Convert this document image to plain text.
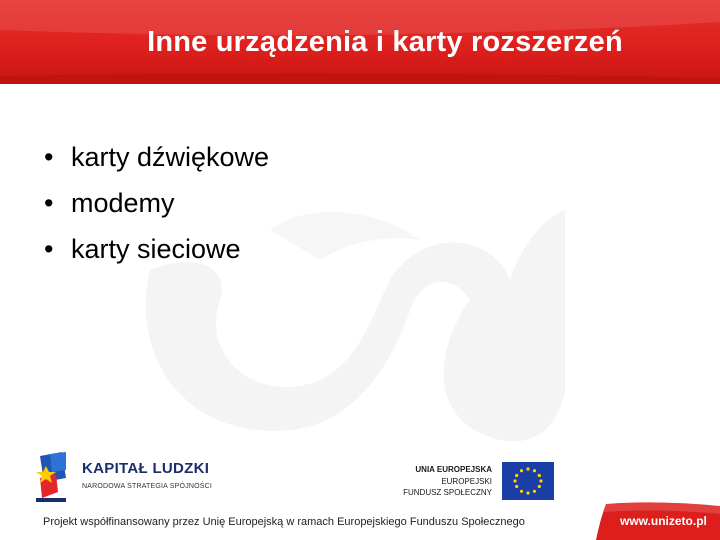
Inne urządzenia i karty rozszerzeń
• karty dźwiękowe
• modemy
• karty sieciowe
KAPITAŁ LUDZKI
NARODOWA STRATEGIA SPÓJNOŚCI
UNIA EUROPEJSKA
EUROPEJSKI
FUNDUSZ SPOŁECZNY
Projekt współfinansowany przez Unię Europejską w ramach Europejskiego Funduszu Społecznego	www.unizeto.pl
